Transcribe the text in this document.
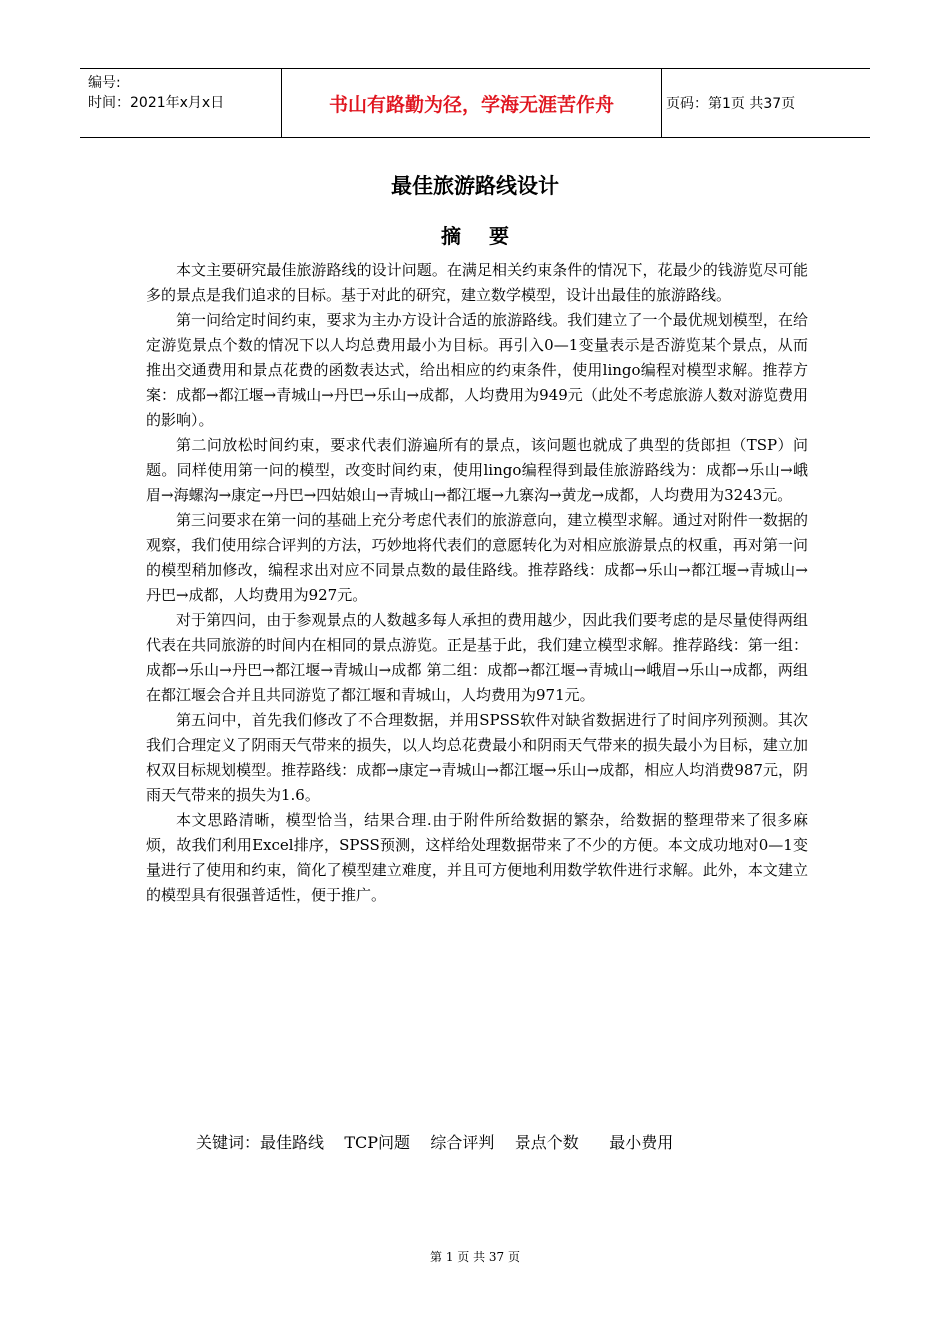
编号:
时间：2021年x月x日	书山有路勤为径，学海无涯苦作舟	页码：第1页 共37页
最佳旅游路线设计
摘要

本文主要研究最佳旅游路线的设计问题。在满足相关约束条件的情况下，花最少的钱游览尽可能多的景点是我们追求的目标。基于对此的研究，建立数学模型，设计出最佳的旅游路线。

第一问给定时间约束，要求为主办方设计合适的旅游路线。我们建立了一个最优规划模型，在给定游览景点个数的情况下以人均总费用最小为目标。再引入0—1变量表示是否游览某个景点，从而推出交通费用和景点花费的函数表达式，给出相应的约束条件，使用lingo编程对模型求解。推荐方案：成都→都江堰→青城山→丹巴→乐山→成都，人均费用为949元（此处不考虑旅游人数对游览费用的影响）。

第二问放松时间约束，要求代表们游遍所有的景点，该问题也就成了典型的货郎担（TSP）问题。同样使用第一问的模型，改变时间约束，使用lingo编程得到最佳旅游路线为：成都→乐山→峨眉→海螺沟→康定→丹巴→四姑娘山→青城山→都江堰→九寨沟→黄龙→成都，人均费用为3243元。

第三问要求在第一问的基础上充分考虑代表们的旅游意向，建立模型求解。通过对附件一数据的观察，我们使用综合评判的方法，巧妙地将代表们的意愿转化为对相应旅游景点的权重，再对第一问的模型稍加修改，编程求出对应不同景点数的最佳路线。推荐路线：成都→乐山→都江堰→青城山→丹巴→成都，人均费用为927元。

对于第四问，由于参观景点的人数越多每人承担的费用越少，因此我们要考虑的是尽量使得两组代表在共同旅游的时间内在相同的景点游览。正是基于此，我们建立模型求解。推荐路线：第一组：成都→乐山→丹巴→都江堰→青城山→成都 第二组：成都→都江堰→青城山→峨眉→乐山→成都，两组在都江堰会合并且共同游览了都江堰和青城山，人均费用为971元。

第五问中，首先我们修改了不合理数据，并用SPSS软件对缺省数据进行了时间序列预测。其次我们合理定义了阴雨天气带来的损失，以人均总花费最小和阴雨天气带来的损失最小为目标，建立加权双目标规划模型。推荐路线：成都→康定→青城山→都江堰→乐山→成都，相应人均消费987元，阴雨天气带来的损失为1.6。

本文思路清晰，模型恰当，结果合理.由于附件所给数据的繁杂，给数据的整理带来了很多麻烦，故我们利用Excel排序，SPSS预测，这样给处理数据带来了不少的方便。本文成功地对0—1变量进行了使用和约束，简化了模型建立难度，并且可方便地利用数学软件进行求解。此外，本文建立的模型具有很强普适性，便于推广。

关键词：最佳路线    TCP问题    综合评判    景点个数      最小费用
第 1 页 共 37 页
